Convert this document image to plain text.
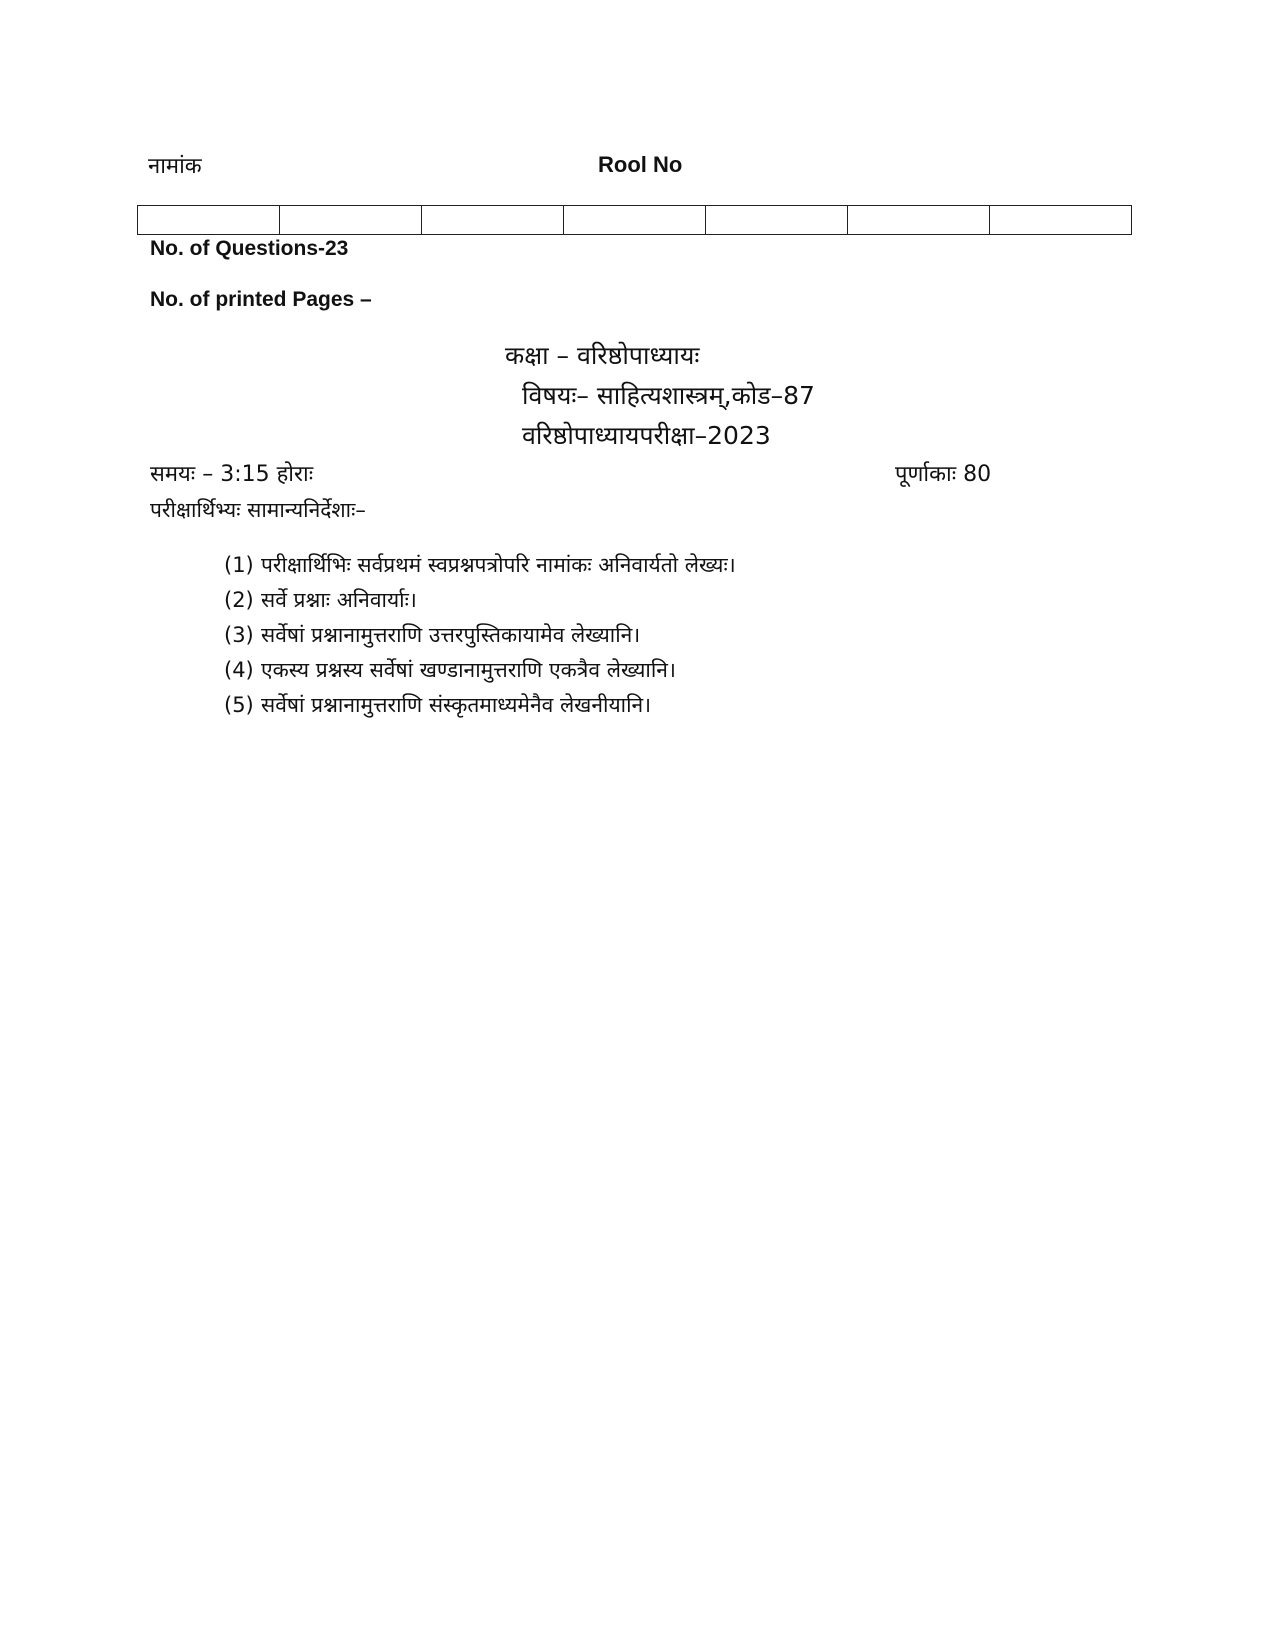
नामांक	Rool No

No. of Questions-23
No. of printed Pages –
कक्षा – वरिष्ठोपाध्यायः
विषयः– साहित्यशास्त्रम्,कोड–87
वरिष्ठोपाध्यायपरीक्षा–2023
समयः – 3:15 होराः	पूर्णाकाः 80
परीक्षार्थिभ्यः सामान्यनिर्देशाः–
(1) परीक्षार्थिभिः सर्वप्रथमं स्वप्रश्नपत्रोपरि नामांकः अनिवार्यतो लेख्यः।
(2) सर्वे प्रश्नाः अनिवार्याः।
(3) सर्वेषां प्रश्नानामुत्तराणि उत्तरपुस्तिकायामेव लेख्यानि।
(4) एकस्य प्रश्नस्य सर्वेषां खण्डानामुत्तराणि एकत्रैव लेख्यानि।
(5) सर्वेषां प्रश्नानामुत्तराणि संस्कृतमाध्यमेनैव लेखनीयानि।
